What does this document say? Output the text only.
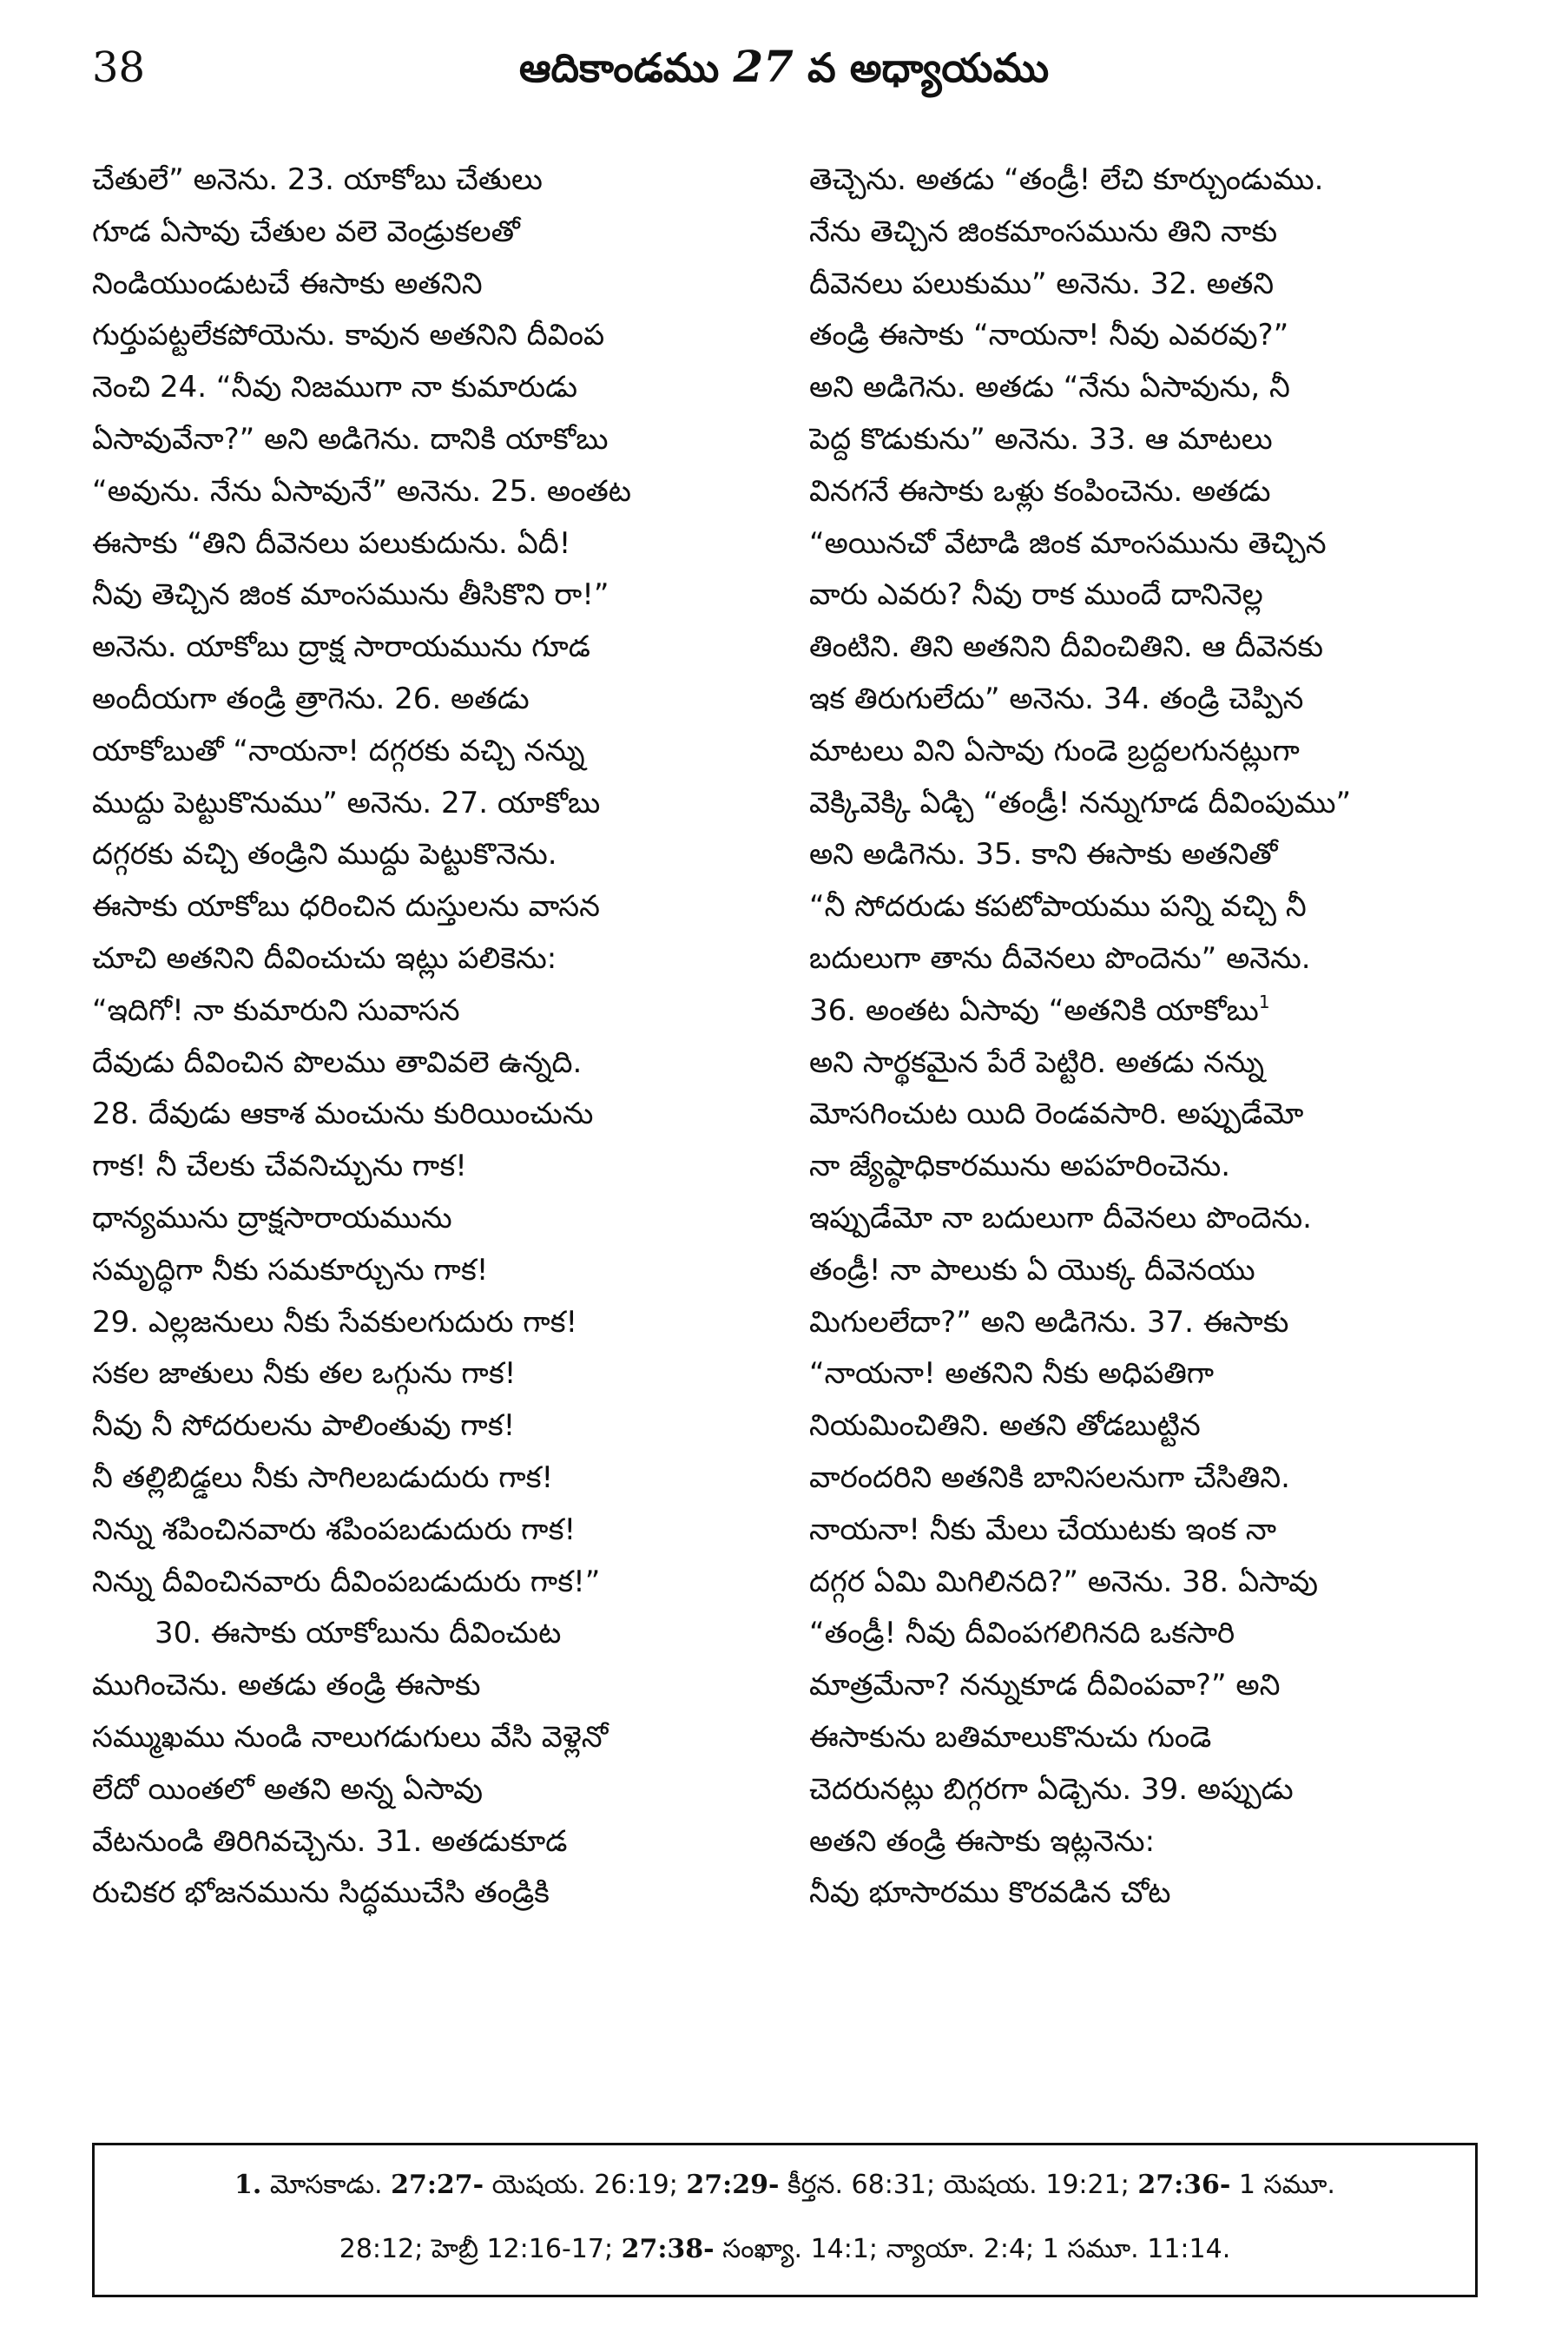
38	ఆదికాండము 27 వ అధ్యాయము
చేతులే” అనెను. 23. యాకోబు చేతులు
గూడ ఏసావు చేతుల వలె వెండ్రుకలతో
నిండియుండుటచే ఈసాకు అతనిని
గుర్తుపట్టలేకపోయెను. కావున అతనిని దీవింప
నెంచి 24. “నీవు నిజముగా నా కుమారుడు
ఏసావువేనా?” అని అడిగెను. దానికి యాకోబు
“అవును. నేను ఏసావునే” అనెను. 25. అంతట
ఈసాకు “తిని దీవెనలు పలుకుదును. ఏదీ!
నీవు తెచ్చిన జింక మాంసమును తీసికొని రా!”
అనెను. యాకోబు ద్రాక్ష సారాయమును గూడ
అందీయగా తండ్రి త్రాగెను. 26. అతడు
యాకోబుతో “నాయనా! దగ్గరకు వచ్చి నన్ను
ముద్దు పెట్టుకొనుము” అనెను. 27. యాకోబు
దగ్గరకు వచ్చి తండ్రిని ముద్దు పెట్టుకొనెను.
ఈసాకు యాకోబు ధరించిన దుస్తులను వాసన
చూచి అతనిని దీవించుచు ఇట్లు పలికెను:
“ఇదిగో! నా కుమారుని సువాసన
దేవుడు దీవించిన పొలము తావివలె ఉన్నది.
28. దేవుడు ఆకాశ మంచును కురియించును
గాక! నీ చేలకు చేవనిచ్చును గాక!
ధాన్యమును ద్రాక్షసారాయమును
సమృద్ధిగా నీకు సమకూర్చును గాక!
29. ఎల్లజనులు నీకు సేవకులగుదురు గాక!
సకల జాతులు నీకు తల ఒగ్గును గాక!
నీవు నీ సోదరులను పాలింతువు గాక!
నీ తల్లిబిడ్డలు నీకు సాగిలబడుదురు గాక!
నిన్ను శపించినవారు శపింపబడుదురు గాక!
నిన్ను దీవించినవారు దీవింపబడుదురు గాక!”
30. ఈసాకు యాకోబును దీవించుట
ముగించెను. అతడు తండ్రి ఈసాకు
సమ్ముఖము నుండి నాలుగడుగులు వేసి వెళ్లెనో
లేదో యింతలో అతని అన్న ఏసావు
వేటనుండి తిరిగివచ్చెను. 31. అతడుకూడ
రుచికర భోజనమును సిద్ధముచేసి తండ్రికి
తెచ్చెను. అతడు “తండ్రీ! లేచి కూర్చుండుము.
నేను తెచ్చిన జింకమాంసమును తిని నాకు
దీవెనలు పలుకుము” అనెను. 32. అతని
తండ్రి ఈసాకు “నాయనా! నీవు ఎవరవు?”
అని అడిగెను. అతడు “నేను ఏసావును, నీ
పెద్ద కొడుకును” అనెను. 33. ఆ మాటలు
వినగనే ఈసాకు ఒళ్లు కంపించెను. అతడు
“అయినచో వేటాడి జింక మాంసమును తెచ్చిన
వారు ఎవరు? నీవు రాక ముందే దానినెల్ల
తింటిని. తిని అతనిని దీవించితిని. ఆ దీవెనకు
ఇక తిరుగులేదు” అనెను. 34. తండ్రి చెప్పిన
మాటలు విని ఏసావు గుండె బ్రద్దలగునట్లుగా
వెక్కివెక్కి ఏడ్చి “తండ్రీ! నన్నుగూడ దీవింపుము”
అని అడిగెను. 35. కాని ఈసాకు అతనితో
“నీ సోదరుడు కపటోపాయము పన్ని వచ్చి నీ
బదులుగా తాను దీవెనలు పొందెను” అనెను.
36. అంతట ఏసావు “అతనికి యాకోబు$^1$
అని సార్థకమైన పేరే పెట్టిరి. అతడు నన్ను
మోసగించుట యిది రెండవసారి. అప్పుడేమో
నా జ్యేష్ఠాధికారమును అపహరించెను.
ఇప్పుడేమో నా బదులుగా దీవెనలు పొందెను.
తండ్రీ! నా పాలుకు ఏ యొక్క దీవెనయు
మిగులలేదా?” అని అడిగెను. 37. ఈసాకు
“నాయనా! అతనిని నీకు అధిపతిగా
నియమించితిని. అతని తోడబుట్టిన
వారందరిని అతనికి బానిసలనుగా చేసితిని.
నాయనా! నీకు మేలు చేయుటకు ఇంక నా
దగ్గర ఏమి మిగిలినది?” అనెను. 38. ఏసావు
“తండ్రీ! నీవు దీవింపగలిగినది ఒకసారి
మాత్రమేనా? నన్నుకూడ దీవింపవా?” అని
ఈసాకును బతిమాలుకొనుచు గుండె
చెదరునట్లు బిగ్గరగా ఏడ్చెను. 39. అప్పుడు
అతని తండ్రి ఈసాకు ఇట్లనెను:
నీవు భూసారము కొరవడిన చోట
1. మోసకాడు. 27:27- యెషయ. 26:19; 27:29- కీర్తన. 68:31; యెషయ. 19:21; 27:36- 1 సమూ.
28:12; హెబ్రీ 12:16-17; 27:38- సంఖ్యా. 14:1; న్యాయా. 2:4; 1 సమూ. 11:14.
